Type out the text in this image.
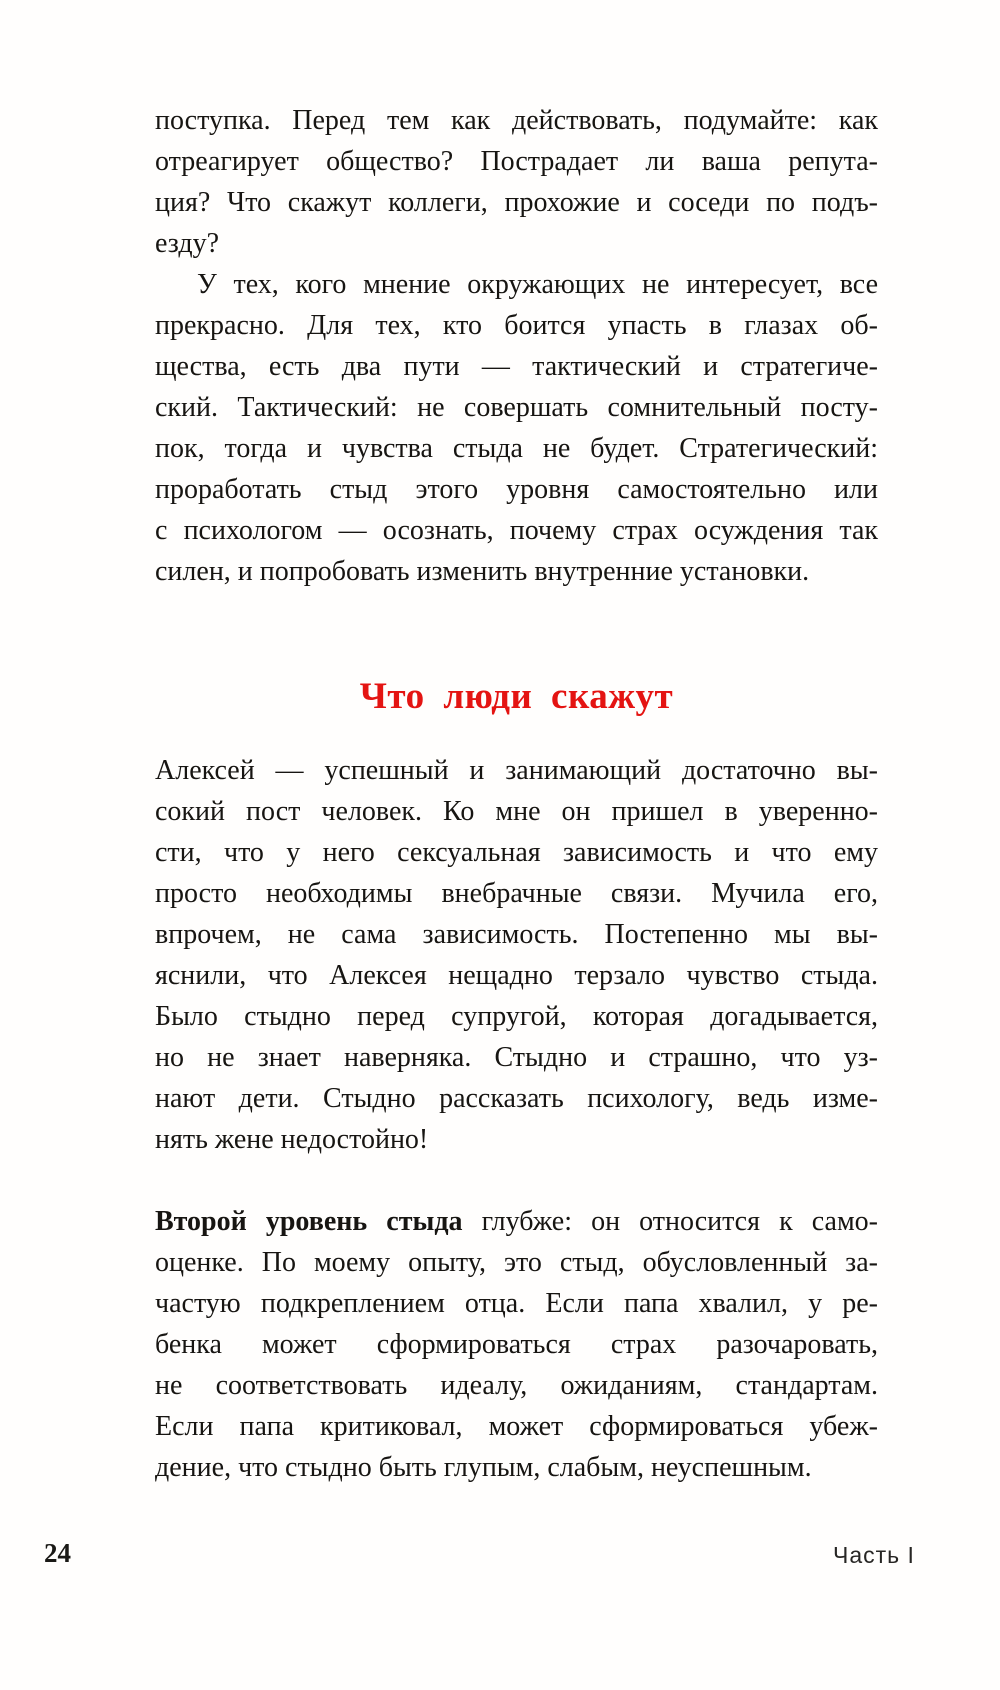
поступка. Перед тем как действовать, подумайте: как
отреагирует общество? Пострадает ли ваша репута-
ция? Что скажут коллеги, прохожие и соседи по подъ-
езду?
У тех, кого мнение окружающих не интересует, все
прекрасно. Для тех, кто боится упасть в глазах об-
щества, есть два пути — тактический и стратегиче-
ский. Тактический: не совершать сомнительный посту-
пок, тогда и чувства стыда не будет. Стратегический:
проработать стыд этого уровня самостоятельно или
с психологом — осознать, почему страх осуждения так
силен, и попробовать изменить внутренние установки.
Что люди скажут
Алексей — успешный и занимающий достаточно вы-
сокий пост человек. Ко мне он пришел в уверенно-
сти, что у него сексуальная зависимость и что ему
просто необходимы внебрачные связи. Мучила его,
впрочем, не сама зависимость. Постепенно мы вы-
яснили, что Алексея нещадно терзало чувство стыда.
Было стыдно перед супругой, которая догадывается,
но не знает наверняка. Стыдно и страшно, что уз-
нают дети. Стыдно рассказать психологу, ведь изме-
нять жене недостойно!
Второй уровень стыда глубже: он относится к само-
оценке. По моему опыту, это стыд, обусловленный за-
частую подкреплением отца. Если папа хвалил, у ре-
бенка может сформироваться страх разочаровать,
не соответствовать идеалу, ожиданиям, стандартам.
Если папа критиковал, может сформироваться убеж-
дение, что стыдно быть глупым, слабым, неуспешным.
24	Часть I
